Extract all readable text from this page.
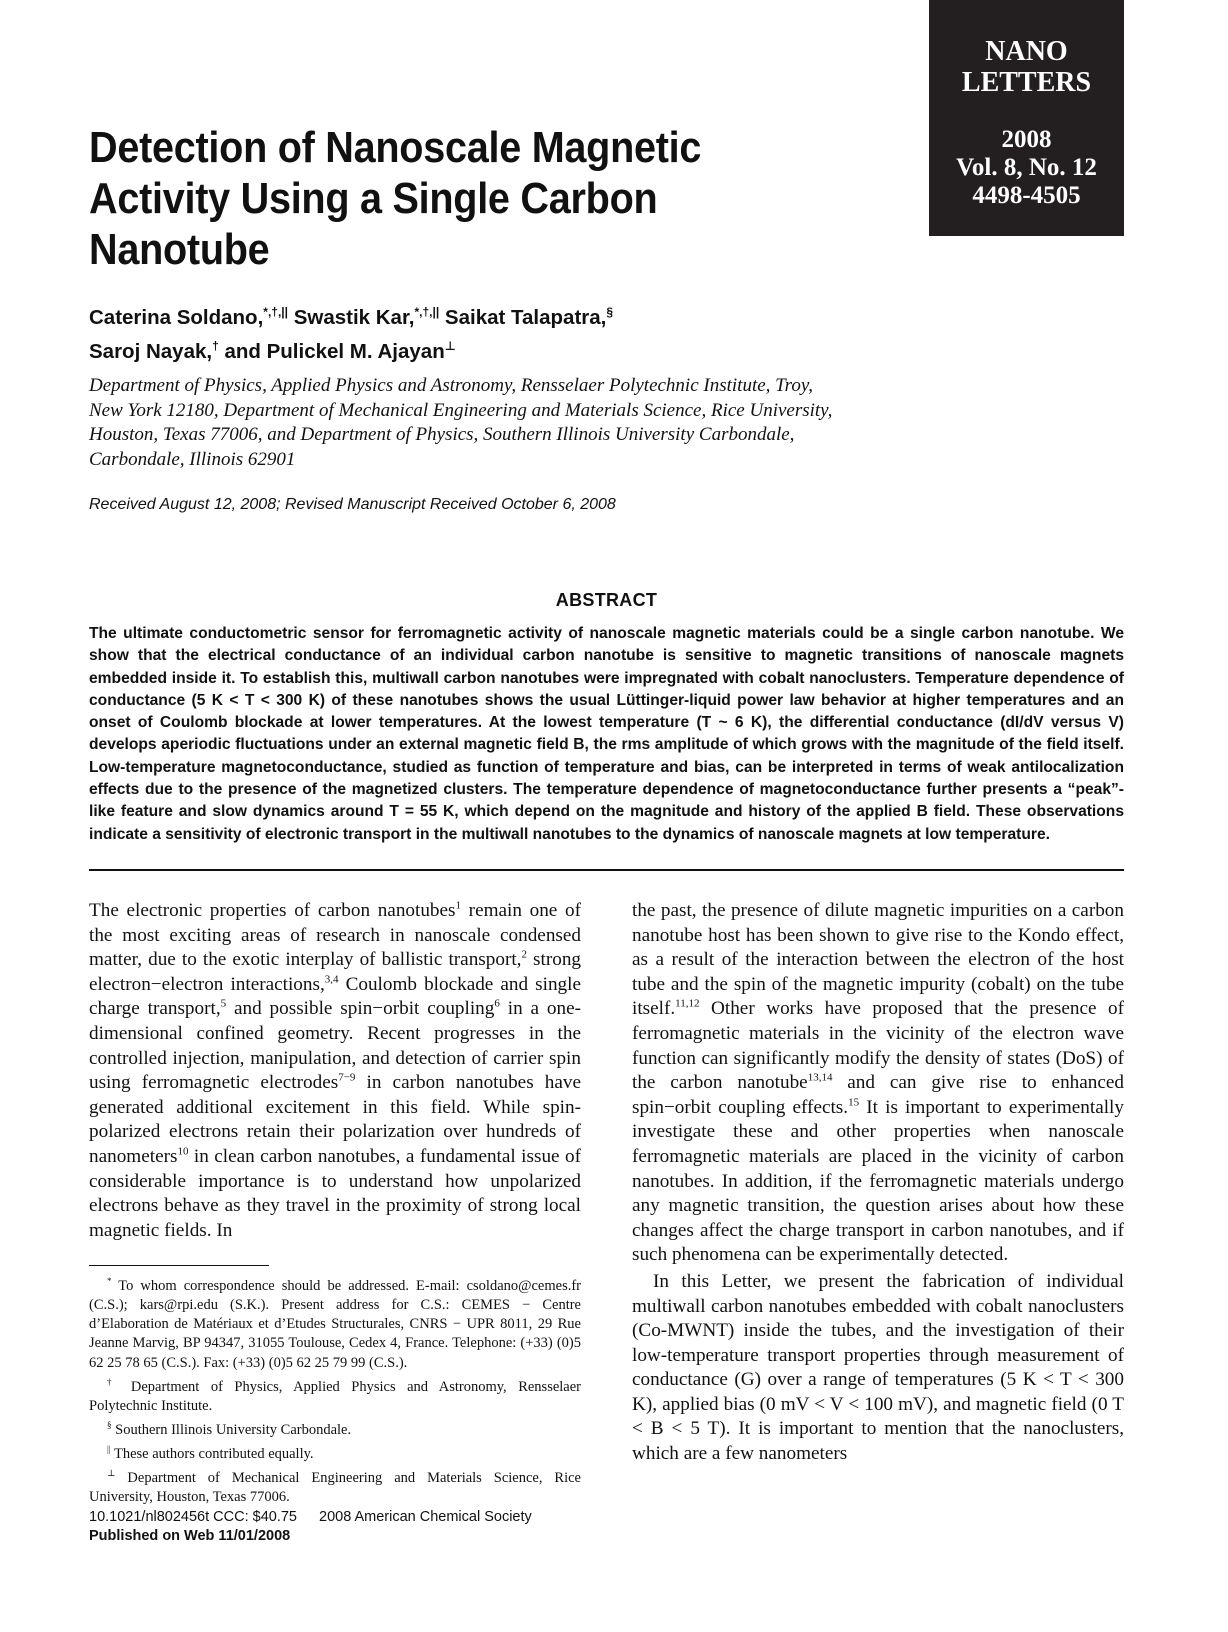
NANO
LETTERS
2008
Vol. 8, No. 12
4498-4505
Detection of Nanoscale Magnetic Activity Using a Single Carbon Nanotube
Caterina Soldano,*,†,|| Swastik Kar,*,†,|| Saikat Talapatra,§
Saroj Nayak,† and Pulickel M. Ajayan⊥
Department of Physics, Applied Physics and Astronomy, Rensselaer Polytechnic Institute, Troy, New York 12180, Department of Mechanical Engineering and Materials Science, Rice University, Houston, Texas 77006, and Department of Physics, Southern Illinois University Carbondale, Carbondale, Illinois 62901
Received August 12, 2008; Revised Manuscript Received October 6, 2008
ABSTRACT
The ultimate conductometric sensor for ferromagnetic activity of nanoscale magnetic materials could be a single carbon nanotube. We show that the electrical conductance of an individual carbon nanotube is sensitive to magnetic transitions of nanoscale magnets embedded inside it. To establish this, multiwall carbon nanotubes were impregnated with cobalt nanoclusters. Temperature dependence of conductance (5 K < T < 300 K) of these nanotubes shows the usual Lüttinger-liquid power law behavior at higher temperatures and an onset of Coulomb blockade at lower temperatures. At the lowest temperature (T ~ 6 K), the differential conductance (dI/dV versus V) develops aperiodic fluctuations under an external magnetic field B, the rms amplitude of which grows with the magnitude of the field itself. Low-temperature magnetoconductance, studied as function of temperature and bias, can be interpreted in terms of weak antilocalization effects due to the presence of the magnetized clusters. The temperature dependence of magnetoconductance further presents a “peak”-like feature and slow dynamics around T = 55 K, which depend on the magnitude and history of the applied B field. These observations indicate a sensitivity of electronic transport in the multiwall nanotubes to the dynamics of nanoscale magnets at low temperature.
The electronic properties of carbon nanotubes$^1$ remain one of the most exciting areas of research in nanoscale condensed matter, due to the exotic interplay of ballistic transport,$^2$ strong electron−electron interactions,$^{3,4}$ Coulomb blockade and single charge transport,$^5$ and possible spin−orbit coupling$^6$ in a one-dimensional confined geometry. Recent progresses in the controlled injection, manipulation, and detection of carrier spin using ferromagnetic electrodes$^{7-9}$ in carbon nanotubes have generated additional excitement in this field. While spin-polarized electrons retain their polarization over hundreds of nanometers$^{10}$ in clean carbon nanotubes, a fundamental issue of considerable importance is to understand how unpolarized electrons behave as they travel in the proximity of strong local magnetic fields. In

the past, the presence of dilute magnetic impurities on a carbon nanotube host has been shown to give rise to the Kondo effect, as a result of the interaction between the electron of the host tube and the spin of the magnetic impurity (cobalt) on the tube itself.$^{11,12}$ Other works have proposed that the presence of ferromagnetic materials in the vicinity of the electron wave function can significantly modify the density of states (DoS) of the carbon nanotube$^{13,14}$ and can give rise to enhanced spin−orbit coupling effects.$^{15}$ It is important to experimentally investigate these and other properties when nanoscale ferromagnetic materials are placed in the vicinity of carbon nanotubes. In addition, if the ferromagnetic materials undergo any magnetic transition, the question arises about how these changes affect the charge transport in carbon nanotubes, and if such phenomena can be experimentally detected.

In this Letter, we present the fabrication of individual multiwall carbon nanotubes embedded with cobalt nanoclusters (Co-MWNT) inside the tubes, and the investigation of their low-temperature transport properties through measurement of conductance (G) over a range of temperatures (5 K < T < 300 K), applied bias (0 mV < V < 100 mV), and magnetic field (0 T < B < 5 T). It is important to mention that the nanoclusters, which are a few nanometers

* To whom correspondence should be addressed. E-mail: csoldano@cemes.fr (C.S.); kars@rpi.edu (S.K.). Present address for C.S.: CEMES − Centre d’Elaboration de Matériaux et d’Etudes Structurales, CNRS − UPR 8011, 29 Rue Jeanne Marvig, BP 94347, 31055 Toulouse, Cedex 4, France. Telephone: (+33) (0)5 62 25 78 65 (C.S.). Fax: (+33) (0)5 62 25 79 99 (C.S.).

† Department of Physics, Applied Physics and Astronomy, Rensselaer Polytechnic Institute.

§ Southern Illinois University Carbondale.

|| These authors contributed equally.

⊥ Department of Mechanical Engineering and Materials Science, Rice University, Houston, Texas 77006.

10.1021/nl802456t CCC: $40.75 2008 American Chemical Society
Published on Web 11/01/2008
